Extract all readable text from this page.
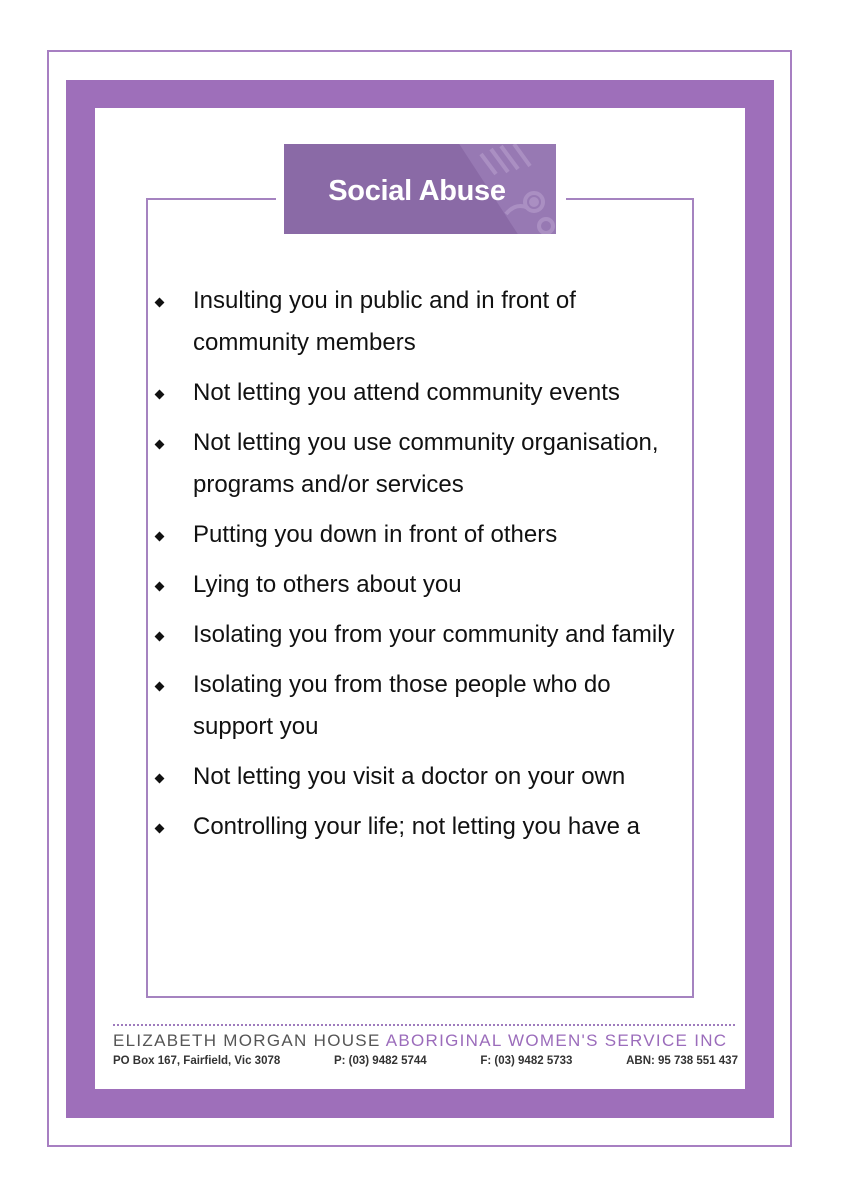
Social Abuse
Insulting you in public and in front of community members
Not letting you attend community events
Not letting you use community organisation, programs and/or services
Putting you down in front of others
Lying to others about you
Isolating you from your community and family
Isolating you from those people who do support you
Not letting you visit a doctor on your own
Controlling your life; not letting you have a
ELIZABETH MORGAN HOUSE ABORIGINAL WOMEN'S SERVICE INC
PO Box 167, Fairfield, Vic 3078	P: (03) 9482 5744	F: (03) 9482 5733	ABN: 95 738 551 437
